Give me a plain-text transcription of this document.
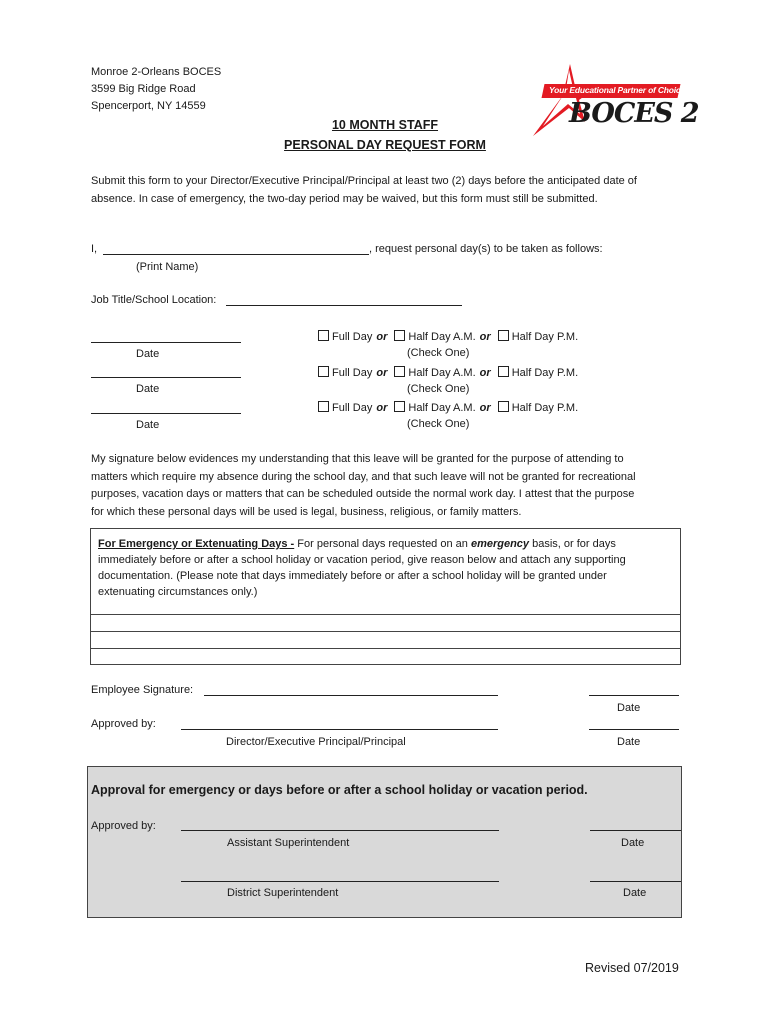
Monroe 2-Orleans BOCES
3599 Big Ridge Road
Spencerport, NY 14559
Your Educational Partner of Choice
BOCES 2
10 MONTH STAFF
PERSONAL DAY REQUEST FORM
Submit this form to your Director/Executive Principal/Principal at least two (2) days before the anticipated date of
absence. In case of emergency, the two-day period may be waived, but this form must still be submitted.
I,	, request personal day(s) to be taken as follows:
(Print Name)
Job Title/School Location:
Date
Full Day or Half Day A.M. or Half Day P.M.
(Check One)
Date
Full Day or Half Day A.M. or Half Day P.M.
(Check One)
Date
Full Day or Half Day A.M. or Half Day P.M.
(Check One)
My signature below evidences my understanding that this leave will be granted for the purpose of attending to
matters which require my absence during the school day, and that such leave will not be granted for recreational
purposes, vacation days or matters that can be scheduled outside the normal work day. I attest that the purpose
for which these personal days will be used is legal, business, religious, or family matters.
For Emergency or Extenuating Days - For personal days requested on an emergency basis, or for days
immediately before or after a school holiday or vacation period, give reason below and attach any supporting
documentation. (Please note that days immediately before or after a school holiday will be granted under
extenuating circumstances only.)
Employee Signature:
Date
Approved by:
Director/Executive Principal/Principal	Date
Approval for emergency or days before or after a school holiday or vacation period.
Approved by:
Assistant Superintendent	Date
District Superintendent	Date
Revised 07/2019
